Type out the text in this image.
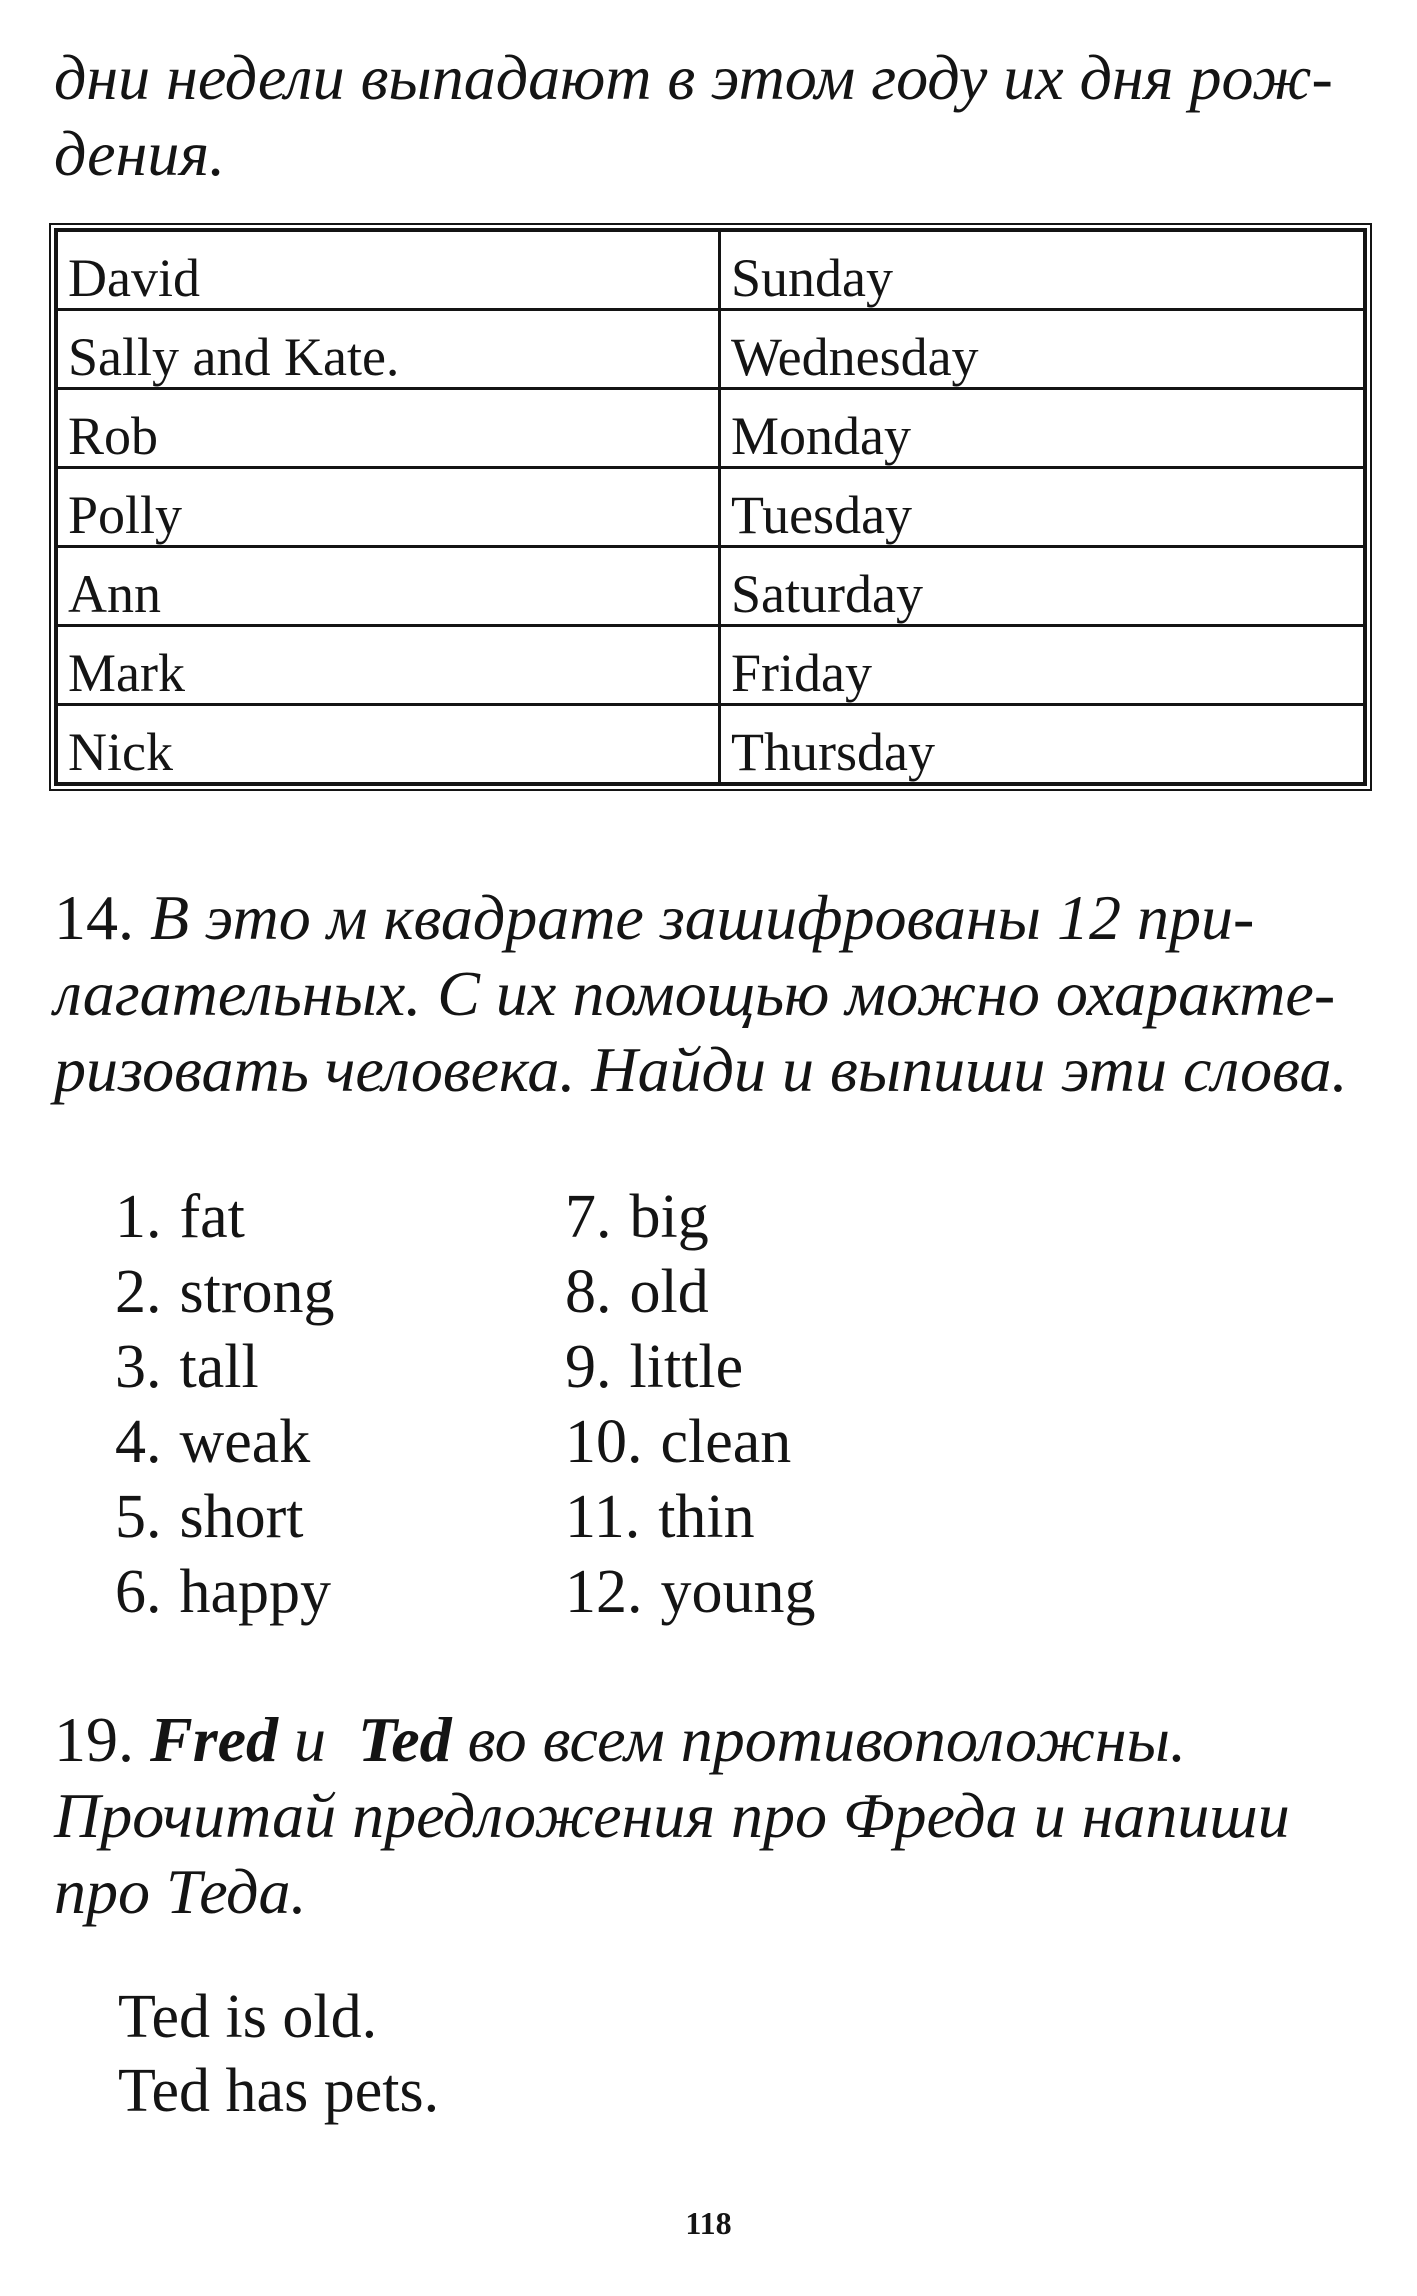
дни недели выпадают в этом году их дня рож- дения.

David	Sunday
Sally and Kate.	Wednesday
Rob	Monday
Polly	Tuesday
Ann	Saturday
Mark	Friday
Nick	Thursday

14. В это м квадрате зашифрованы 12 при- лагательных. С их помощью можно охаракте- ризовать человека. Найди и выпиши эти слова.

1. fat
2. strong
3. tall
4. weak
5. short
6. happy
7. big
8. old
9. little
10. clean
11. thin
12. young

19. Fred и Ted во всем противоположны. Прочитай предложения про Фреда и напиши про Теда.

Ted is old.
Ted has pets.
118
